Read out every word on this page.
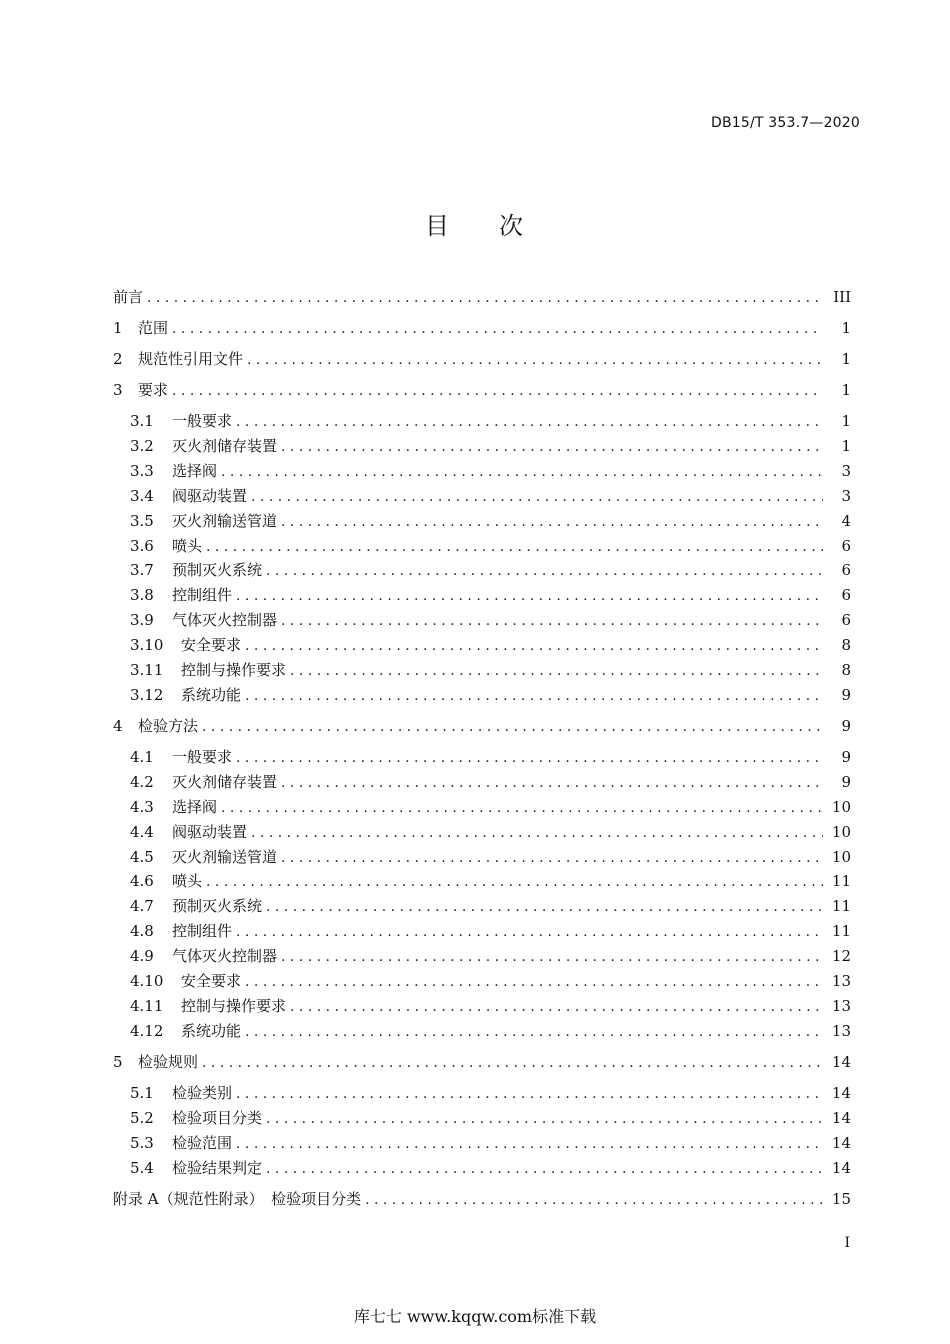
DB15/T 353.7—2020
目 次
前言 . . .	III
1	范围 . . .	1
2	规范性引用文件 . . .	1
3	要求 . . .	1
3.1	一般要求 . . .	1
3.2	灭火剂储存装置 . . .	1
3.3	选择阀 . . .	3
3.4	阀驱动装置 . . .	3
3.5	灭火剂输送管道 . . .	4
3.6	喷头 . . .	6
3.7	预制灭火系统 . . .	6
3.8	控制组件 . . .	6
3.9	气体灭火控制器 . . .	6
3.10	安全要求 . . .	8
3.11	控制与操作要求 . . .	8
3.12	系统功能 . . .	9
4	检验方法 . . .	9
4.1	一般要求 . . .	9
4.2	灭火剂储存装置 . . .	9
4.3	选择阀 . . .	10
4.4	阀驱动装置 . . .	10
4.5	灭火剂输送管道 . . .	10
4.6	喷头 . . .	11
4.7	预制灭火系统 . . .	11
4.8	控制组件 . . .	11
4.9	气体灭火控制器 . . .	12
4.10	安全要求 . . .	13
4.11	控制与操作要求 . . .	13
4.12	系统功能 . . .	13
5	检验规则 . . .	14
5.1	检验类别 . . .	14
5.2	检验项目分类 . . .	14
5.3	检验范围 . . .	14
5.4	检验结果判定 . . .	14
附录 A（规范性附录）　检验项目分类 . . .	15
I
库七七 www.kqqw.com标准下载
